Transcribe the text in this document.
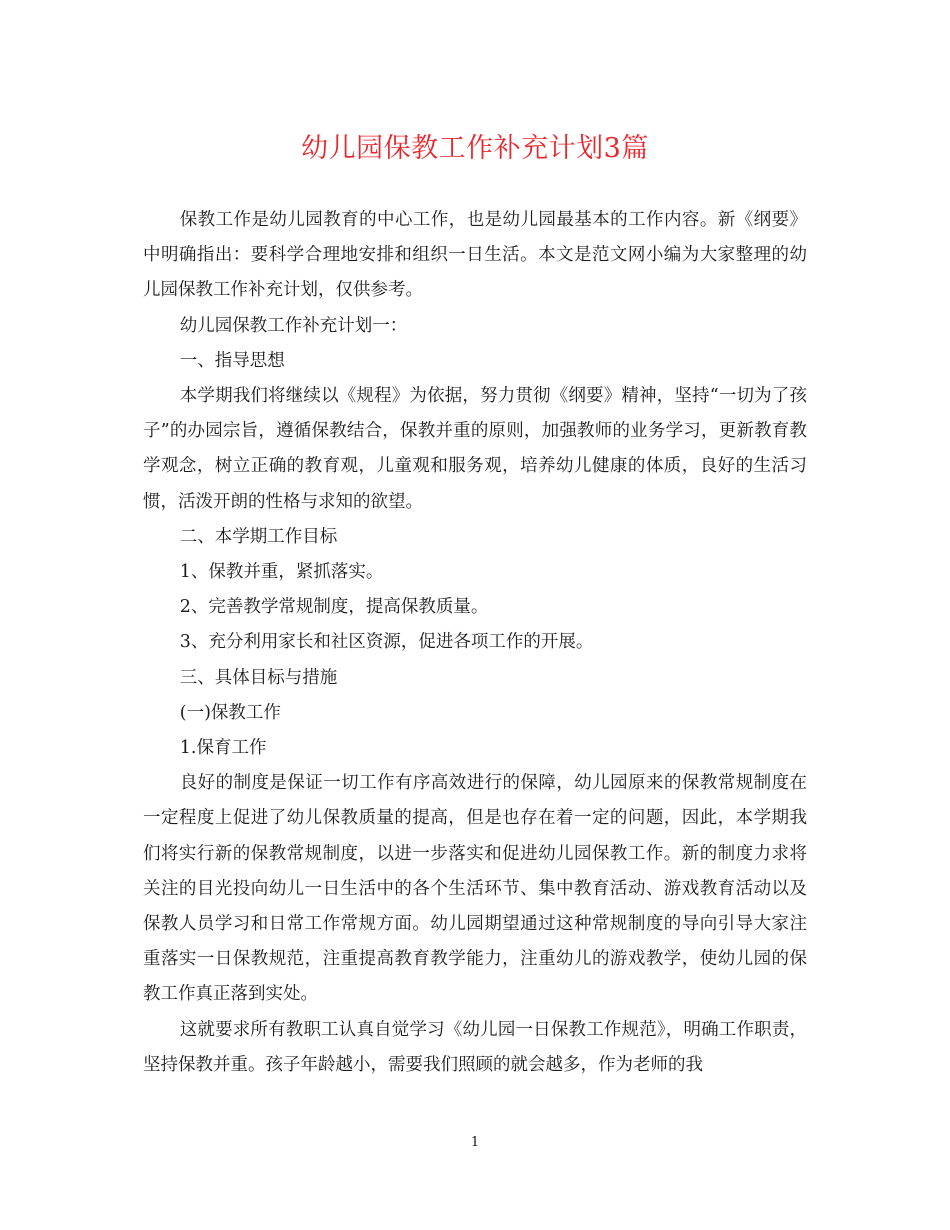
幼儿园保教工作补充计划3篇

保教工作是幼儿园教育的中心工作，也是幼儿园最基本的工作内容。新《纲要》中明确指出：要科学合理地安排和组织一日生活。本文是范文网小编为大家整理的幼儿园保教工作补充计划，仅供参考。

幼儿园保教工作补充计划一：

一、指导思想

本学期我们将继续以《规程》为依据，努力贯彻《纲要》精神，坚持“一切为了孩子”的办园宗旨，遵循保教结合，保教并重的原则，加强教师的业务学习，更新教育教学观念，树立正确的教育观，儿童观和服务观，培养幼儿健康的体质，良好的生活习惯，活泼开朗的性格与求知的欲望。

二、本学期工作目标

1、保教并重，紧抓落实。

2、完善教学常规制度，提高保教质量。

3、充分利用家长和社区资源，促进各项工作的开展。

三、具体目标与措施

(一)保教工作

1.保育工作

良好的制度是保证一切工作有序高效进行的保障，幼儿园原来的保教常规制度在一定程度上促进了幼儿保教质量的提高，但是也存在着一定的问题，因此，本学期我们将实行新的保教常规制度，以进一步落实和促进幼儿园保教工作。新的制度力求将关注的目光投向幼儿一日生活中的各个生活环节、集中教育活动、游戏教育活动以及保教人员学习和日常工作常规方面。幼儿园期望通过这种常规制度的导向引导大家注重落实一日保教规范，注重提高教育教学能力，注重幼儿的游戏教学，使幼儿园的保教工作真正落到实处。

这就要求所有教职工认真自觉学习《幼儿园一日保教工作规范》，明确工作职责，坚持保教并重。孩子年龄越小，需要我们照顾的就会越多，作为老师的我

1
